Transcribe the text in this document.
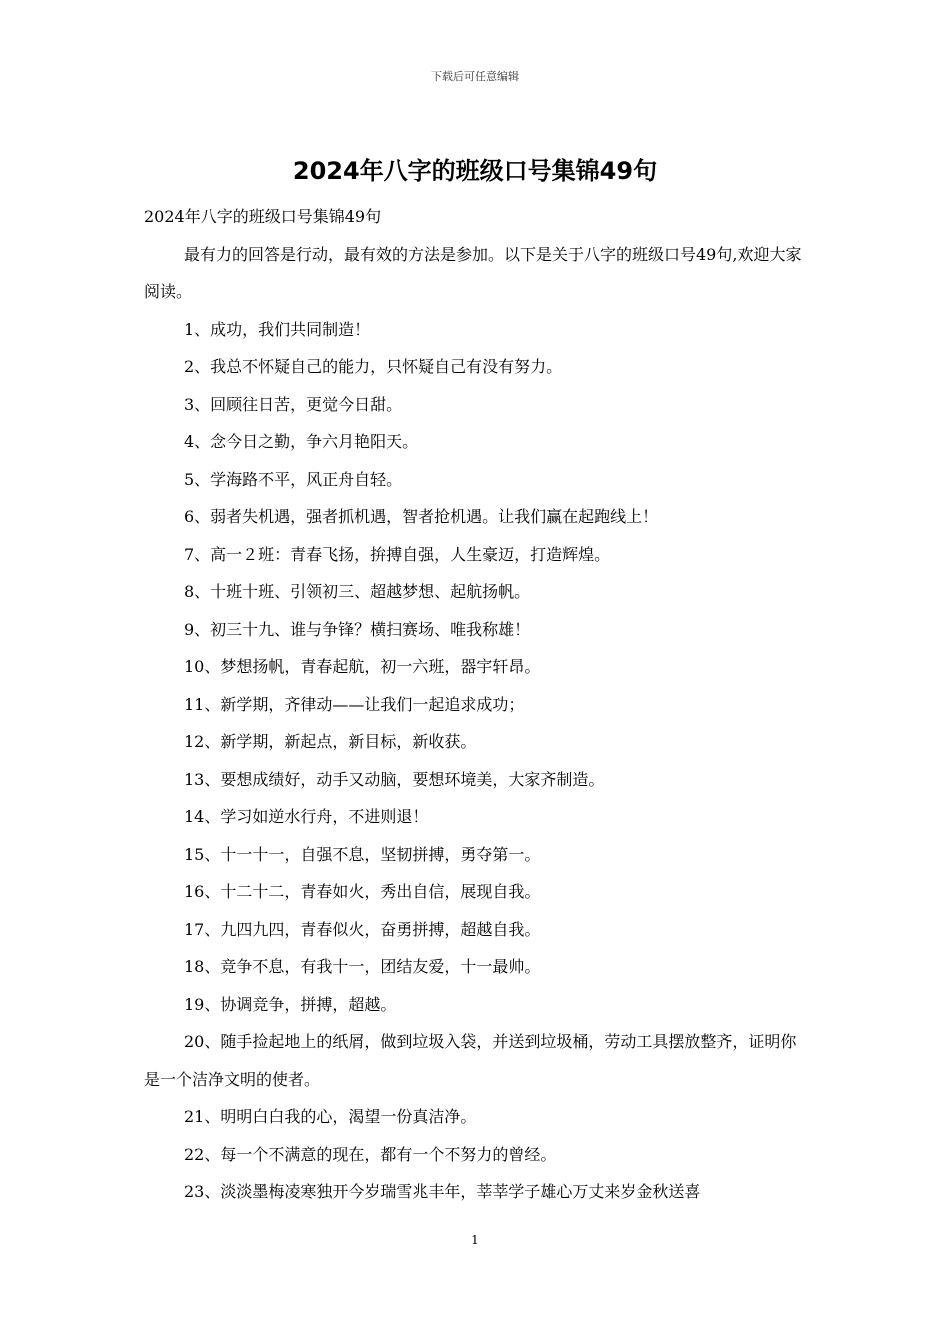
下载后可任意编辑
2024年八字的班级口号集锦49句

2024年八字的班级口号集锦49句

最有力的回答是行动，最有效的方法是参加。以下是关于八字的班级口号49句,欢迎大家阅读。

1、成功，我们共同制造！

2、我总不怀疑自己的能力，只怀疑自己有没有努力。

3、回顾往日苦，更觉今日甜。

4、念今日之勤，争六月艳阳天。

5、学海路不平，风正舟自轻。

6、弱者失机遇，强者抓机遇，智者抢机遇。让我们赢在起跑线上！

7、高一２班：青春飞扬，拚搏自强，人生豪迈，打造辉煌。

8、十班十班、引领初三、超越梦想、起航扬帆。

9、初三十九、谁与争锋？横扫赛场、唯我称雄！

10、梦想扬帆，青春起航，初一六班，器宇轩昂。

11、新学期，齐律动——让我们一起追求成功；

12、新学期，新起点，新目标，新收获。

13、要想成绩好，动手又动脑，要想环境美，大家齐制造。

14、学习如逆水行舟，不进则退！

15、十一十一，自强不息，坚韧拼搏，勇夺第一。

16、十二十二，青春如火，秀出自信，展现自我。

17、九四九四，青春似火，奋勇拼搏，超越自我。

18、竞争不息，有我十一，团结友爱，十一最帅。

19、协调竞争，拼搏，超越。

20、随手捡起地上的纸屑，做到垃圾入袋，并送到垃圾桶，劳动工具摆放整齐，证明你是一个洁净文明的使者。

21、明明白白我的心，渴望一份真洁净。

22、每一个不满意的现在，都有一个不努力的曾经。

23、淡淡墨梅凌寒独开今岁瑞雪兆丰年，莘莘学子雄心万丈来岁金秋送喜

1
